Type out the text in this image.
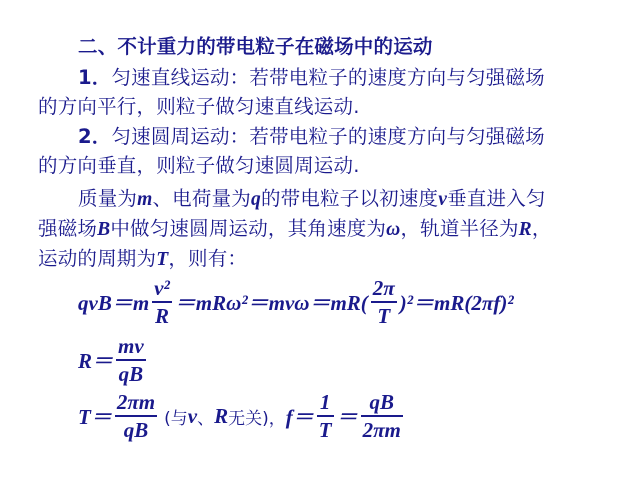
二、不计重力的带电粒子在磁场中的运动
1．匀速直线运动：若带电粒子的速度方向与匀强磁场
的方向平行，则粒子做匀速直线运动.
2．匀速圆周运动：若带电粒子的速度方向与匀强磁场
的方向垂直，则粒子做匀速圆周运动.
质量为m、电荷量为q的带电粒子以初速度v垂直进入匀
强磁场B中做匀速圆周运动，其角速度为ω，轨道半径为R，
运动的周期为T，则有：
$qvB=m \frac{\text{v²}}{R} =mR\omega^2=mv\omega=mR( \frac{2\pi}{T} )^2=mR(2\pi f)^2$
$R= \frac{mv}{qB}$
$T= \frac{2\pi m}{qB}$ (与 v 、 R 无关)， $f= \frac{1}{T} = \frac{qB}{2\pi m}$
